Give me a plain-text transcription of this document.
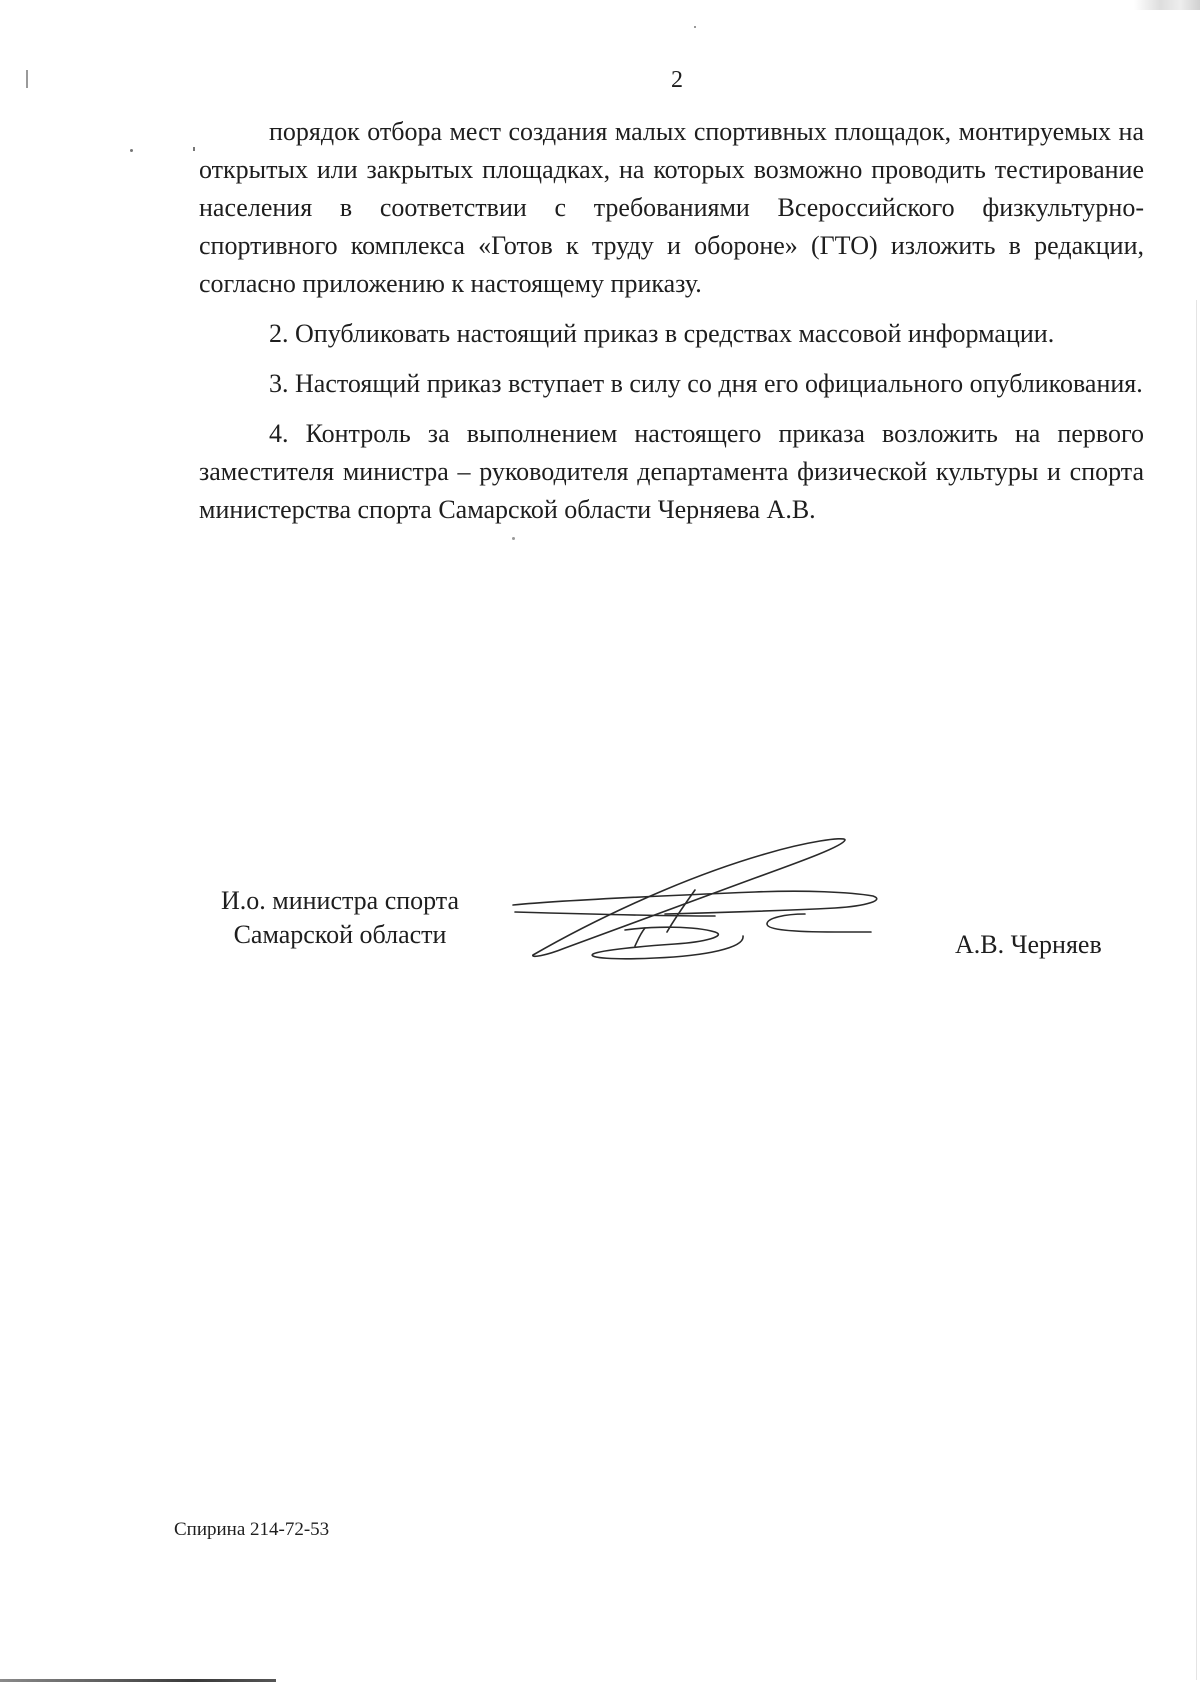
2

порядок отбора мест создания малых спортивных площадок, монтируемых на открытых или закрытых площадках, на которых возможно проводить тестирование населения в соответствии с требованиями Всероссийского физкультурно-спортивного комплекса «Готов к труду и обороне» (ГТО) изложить в редакции, согласно приложению к настоящему приказу.

2. Опубликовать настоящий приказ в средствах массовой информации.

3. Настоящий приказ вступает в силу со дня его официального опубликования.

4. Контроль за выполнением настоящего приказа возложить на первого заместителя министра – руководителя департамента физической культуры и спорта министерства спорта Самарской области Черняева А.В.

И.о. министра спорта
Самарской области	А.В. Черняев
Спирина 214-72-53
